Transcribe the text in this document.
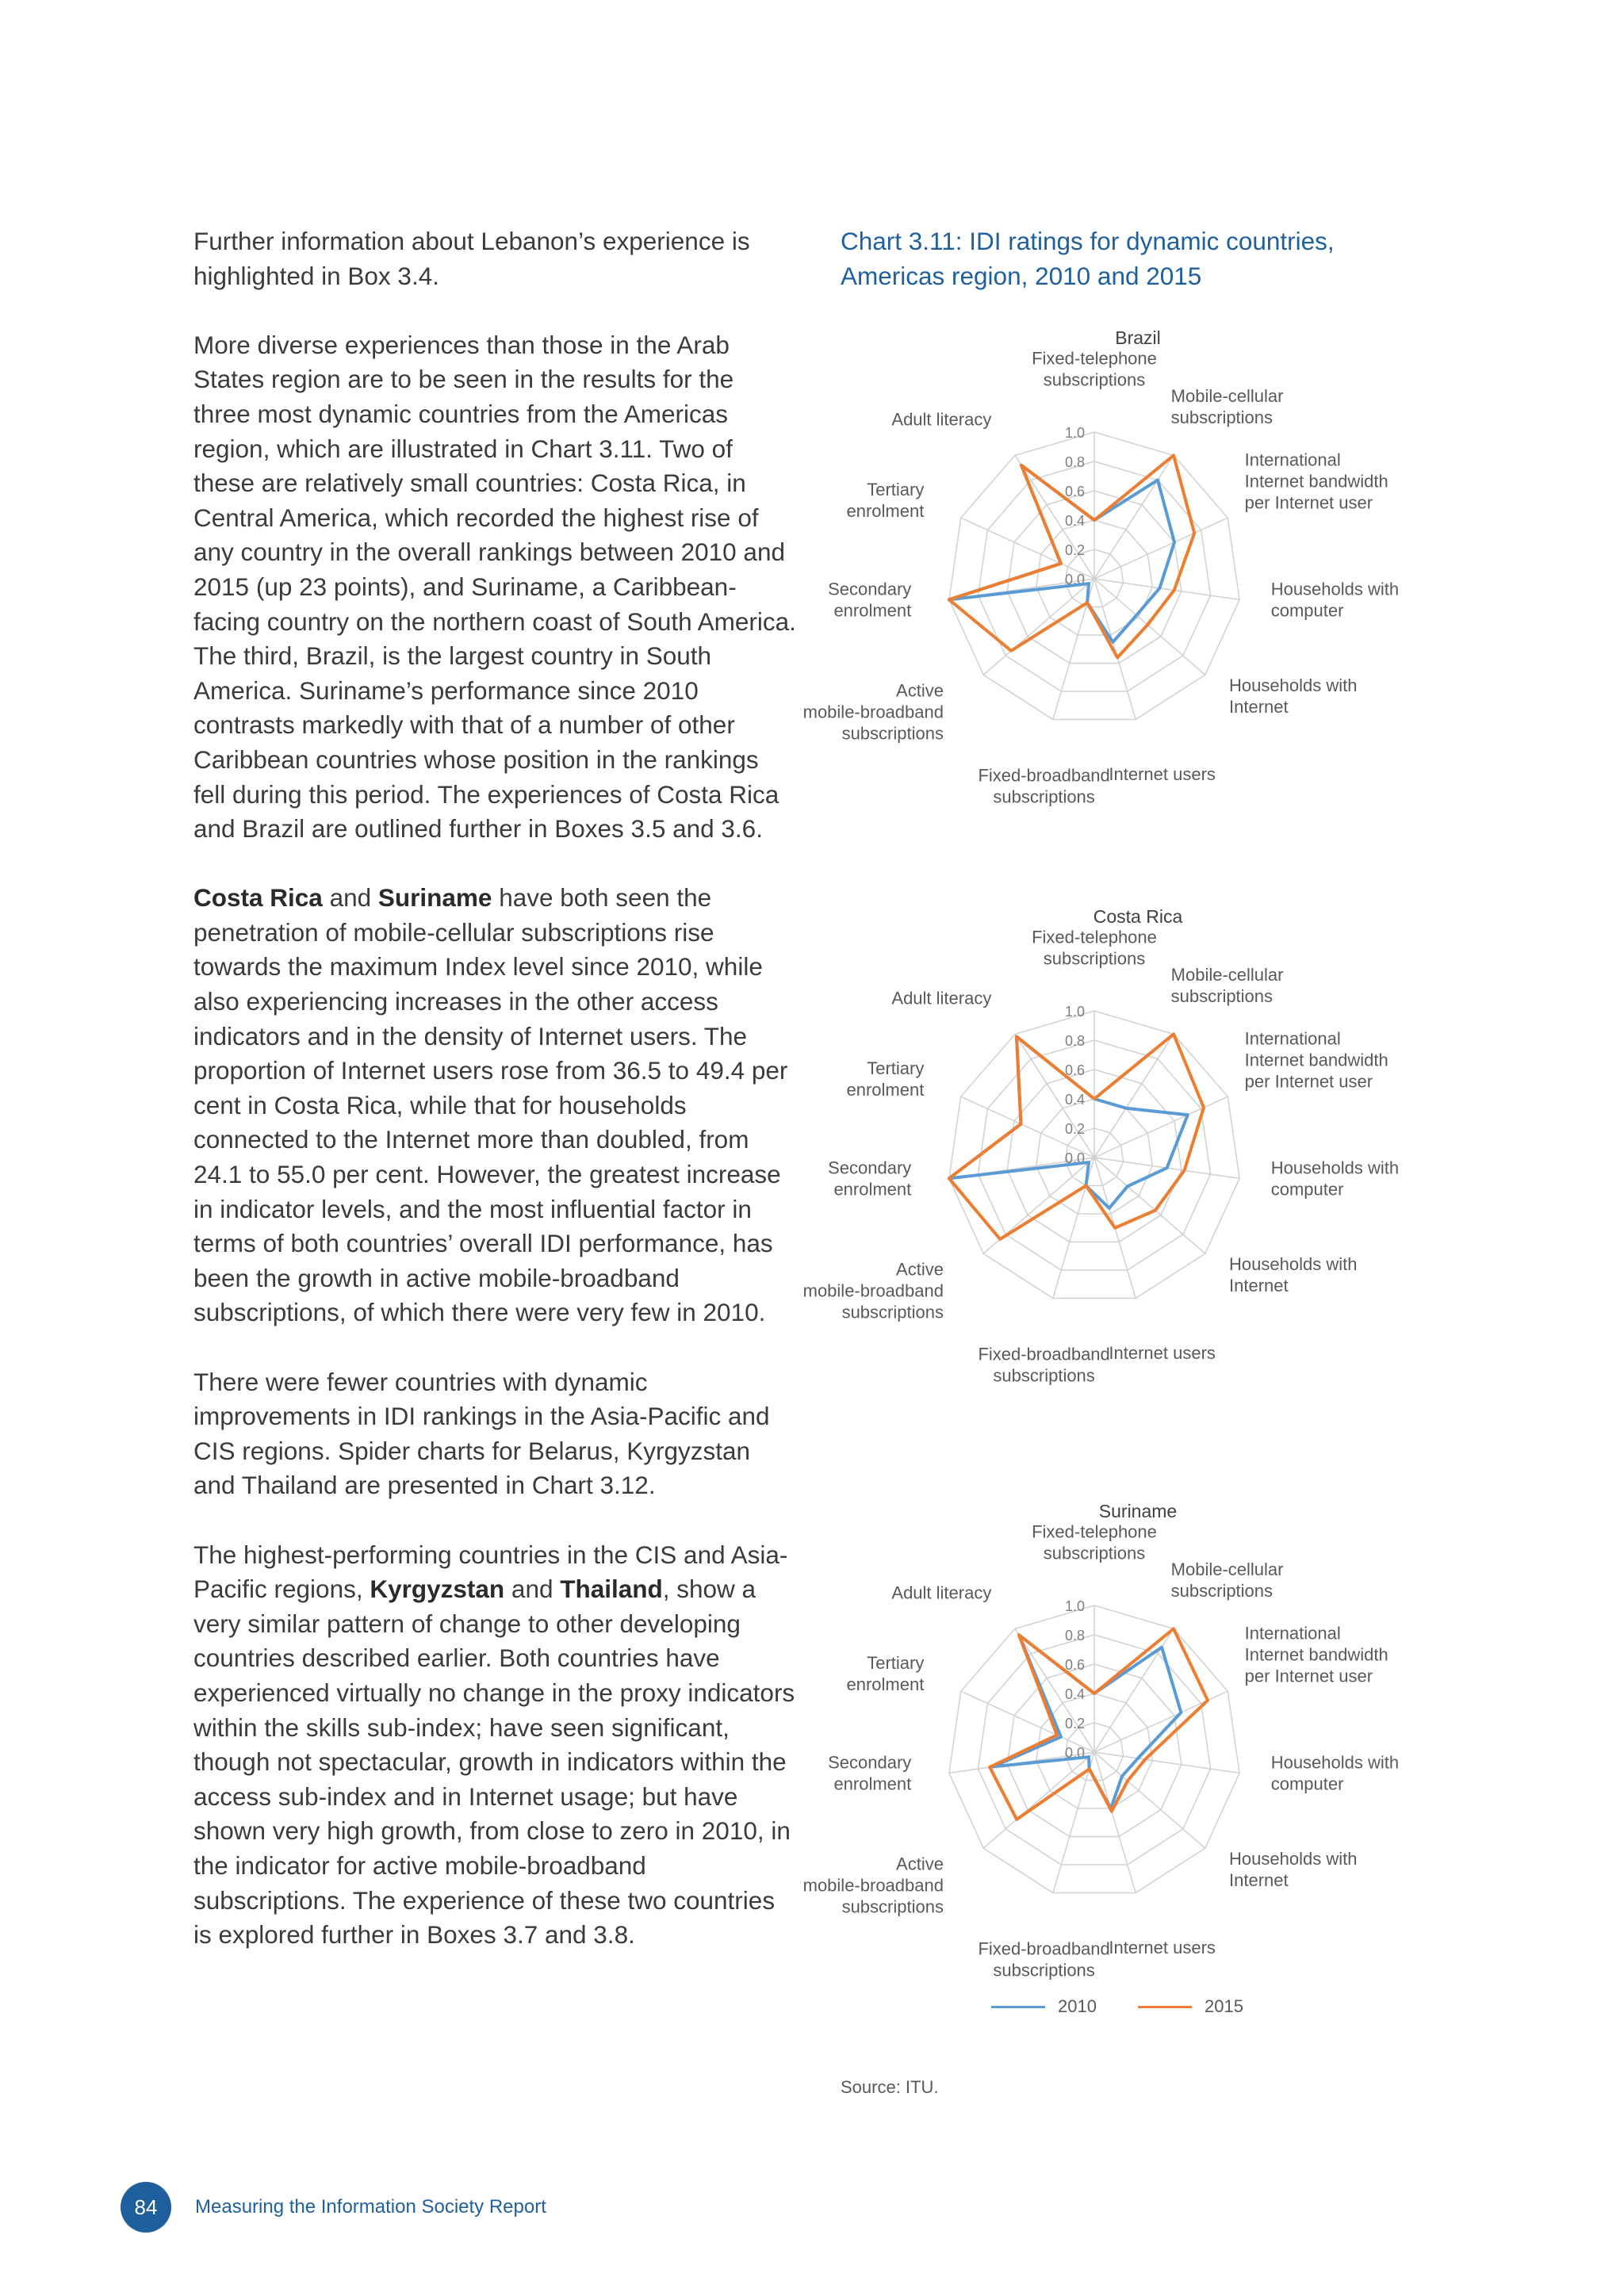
Further information about Lebanon’s experience is highlighted in Box 3.4.

More diverse experiences than those in the Arab States region are to be seen in the results for the three most dynamic countries from the Americas region, which are illustrated in Chart 3.11. Two of these are relatively small countries: Costa Rica, in Central America, which recorded the highest rise of any country in the overall rankings between 2010 and 2015 (up 23 points), and Suriname, a Caribbean-facing country on the northern coast of South America. The third, Brazil, is the largest country in South America. Suriname’s performance since 2010 contrasts markedly with that of a number of other Caribbean countries whose position in the rankings fell during this period. The experiences of Costa Rica and Brazil are outlined further in Boxes 3.5 and 3.6.

Costa Rica and Suriname have both seen the penetration of mobile-cellular subscriptions rise towards the maximum Index level since 2010, while also experiencing increases in the other access indicators and in the density of Internet users. The proportion of Internet users rose from 36.5 to 49.4 per cent in Costa Rica, while that for households connected to the Internet more than doubled, from 24.1 to 55.0 per cent. However, the greatest increase in indicator levels, and the most influential factor in terms of both countries’ overall IDI performance, has been the growth in active mobile-broadband subscriptions, of which there were very few in 2010.

There were fewer countries with dynamic improvements in IDI rankings in the Asia-Pacific and CIS regions. Spider charts for Belarus, Kyrgyzstan and Thailand are presented in Chart 3.12.

The highest-performing countries in the CIS and Asia-Pacific regions, Kyrgyzstan and Thailand, show a very similar pattern of change to other developing countries described earlier. Both countries have experienced virtually no change in the proxy indicators within the skills sub-index; have seen significant, though not spectacular, growth in indicators within the access sub-index and in Internet usage; but have shown very high growth, from close to zero in 2010, in the indicator for active mobile-broadband subscriptions. The experience of these two countries is explored further in Boxes 3.7 and 3.8.

Chart 3.11: IDI ratings for dynamic countries, Americas region, 2010 and 2015
Brazil
0.0
0.2
0.4
0.6
0.8
1.0
Fixed-telephone subscriptions
Mobile-cellular subscriptions
International Internet bandwidth per Internet user
Households with computer
Households with Internet
Internet users
Fixed-broadband subscriptions
Active mobile-broadband subscriptions
Secondary enrolment
Tertiary enrolment
Adult literacy
Costa Rica
0.0
0.2
0.4
0.6
0.8
1.0
Fixed-telephone subscriptions
Mobile-cellular subscriptions
International Internet bandwidth per Internet user
Households with computer
Households with Internet
Internet users
Fixed-broadband subscriptions
Active mobile-broadband subscriptions
Secondary enrolment
Tertiary enrolment
Adult literacy
Suriname
0.0
0.2
0.4
0.6
0.8
1.0
Fixed-telephone subscriptions
Mobile-cellular subscriptions
International Internet bandwidth per Internet user
Households with computer
Households with Internet
Internet users
Fixed-broadband subscriptions
Active mobile-broadband subscriptions
Secondary enrolment
Tertiary enrolment
Adult literacy
2010	2015
Source: ITU.
84	Measuring the Information Society Report
